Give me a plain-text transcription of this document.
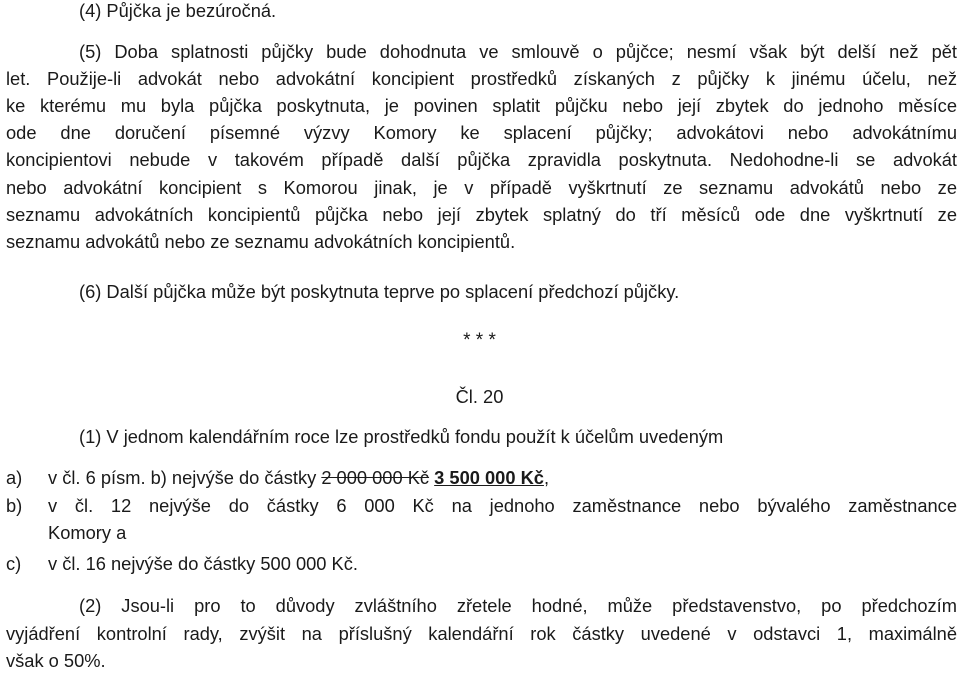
(4) Půjčka je bezúročná.
(5) Doba splatnosti půjčky bude dohodnuta ve smlouvě o půjčce; nesmí však být delší než pět
let. Použije-li advokát nebo advokátní koncipient prostředků získaných z půjčky k jinému účelu, než
ke kterému mu byla půjčka poskytnuta, je povinen splatit půjčku nebo její zbytek do jednoho měsíce
ode dne doručení písemné výzvy Komory ke splacení půjčky; advokátovi nebo advokátnímu
koncipientovi nebude v takovém případě další půjčka zpravidla poskytnuta. Nedohodne-li se advokát
nebo advokátní koncipient s Komorou jinak, je v případě vyškrtnutí ze seznamu advokátů nebo ze
seznamu advokátních koncipientů půjčka nebo její zbytek splatný do tří měsíců ode dne vyškrtnutí ze
seznamu advokátů nebo ze seznamu advokátních koncipientů.
(6) Další půjčka může být poskytnuta teprve po splacení předchozí půjčky.
* * *
Čl. 20
(1) V jednom kalendářním roce lze prostředků fondu použít k účelům uvedeným
a) v čl. 6 písm. b) nejvýše do částky 2 000 000 Kč 3 500 000 Kč,
b) v čl. 12 nejvýše do částky 6 000 Kč na jednoho zaměstnance nebo bývalého zaměstnance
Komory a
c) v čl. 16 nejvýše do částky 500 000 Kč.
(2) Jsou-li pro to důvody zvláštního zřetele hodné, může představenstvo, po předchozím
vyjádření kontrolní rady, zvýšit na příslušný kalendářní rok částky uvedené v odstavci 1, maximálně
však o 50%.
